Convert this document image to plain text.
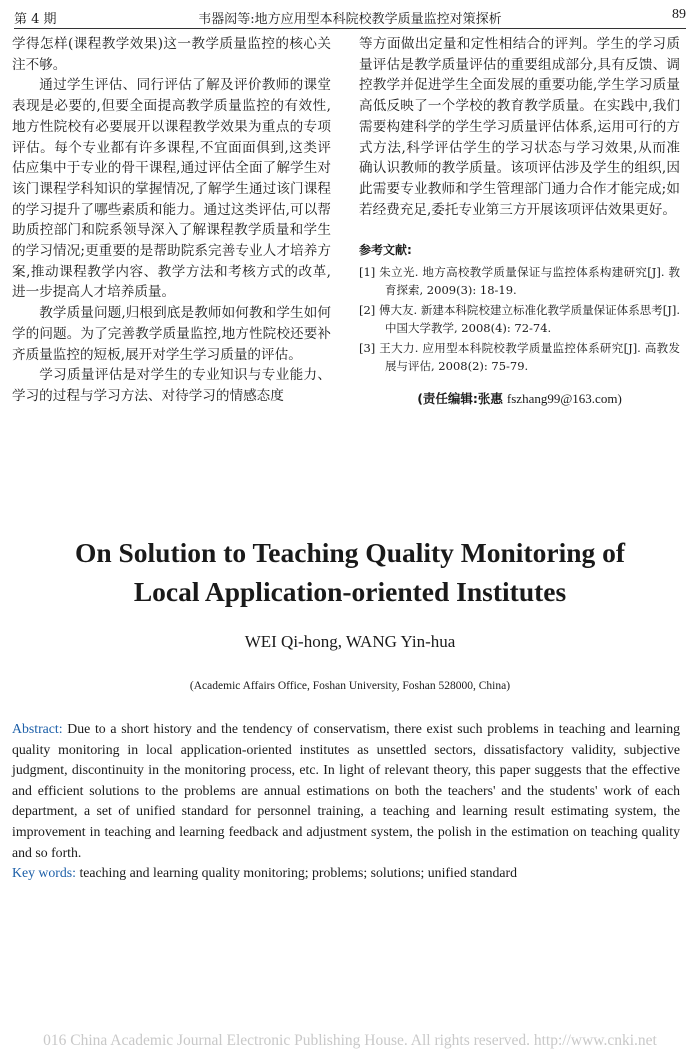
第 4 期	韦器闳等:地方应用型本科院校教学质量监控对策探析	89

学得怎样(课程教学效果)这一教学质量监控的核心关注不够。

通过学生评估、同行评估了解及评价教师的课堂表现是必要的,但要全面提高教学质量监控的有效性,地方性院校有必要展开以课程教学效果为重点的专项评估。每个专业都有许多课程,不宜面面俱到,这类评估应集中于专业的骨干课程,通过评估全面了解学生对该门课程学科知识的掌握情况,了解学生通过该门课程的学习提升了哪些素质和能力。通过这类评估,可以帮助质控部门和院系领导深入了解课程教学质量和学生的学习情况;更重要的是帮助院系完善专业人才培养方案,推动课程教学内容、教学方法和考核方式的改革,进一步提高人才培养质量。

教学质量问题,归根到底是教师如何教和学生如何学的问题。为了完善教学质量监控,地方性院校还要补齐质量监控的短板,展开对学生学习质量的评估。

学习质量评估是对学生的专业知识与专业能力、学习的过程与学习方法、对待学习的情感态度

等方面做出定量和定性相结合的评判。学生的学习质量评估是教学质量评估的重要组成部分,具有反馈、调控教学并促进学生全面发展的重要功能,学生学习质量高低反映了一个学校的教育教学质量。在实践中,我们需要构建科学的学生学习质量评估体系,运用可行的方式方法,科学评估学生的学习状态与学习效果,从而准确认识教师的教学质量。该项评估涉及学生的组织,因此需要专业教师和学生管理部门通力合作才能完成;如若经费充足,委托专业第三方开展该项评估效果更好。

参考文献:

[1] 朱立光. 地方高校教学质量保证与监控体系构建研究[J]. 教育探索, 2009(3): 18-19.

[2] 傅大友. 新建本科院校建立标准化教学质量保证体系思考[J]. 中国大学教学, 2008(4): 72-74.

[3] 王大力. 应用型本科院校教学质量监控体系研究[J]. 高教发展与评估, 2008(2): 75-79.

(责任编辑:张惠 fszhang99@163.com)

On Solution to Teaching Quality Monitoring of
Local Application-oriented Institutes
WEI Qi-hong, WANG Yin-hua
(Academic Affairs Office, Foshan University, Foshan 528000, China)

Abstract: Due to a short history and the tendency of conservatism, there exist such problems in teaching and learning quality monitoring in local application-oriented institutes as unsettled sectors, dissatisfactory validity, subjective judgment, discontinuity in the monitoring process, etc. In light of relevant theory, this paper suggests that the effective and efficient solutions to the problems are annual estimations on both the teachers' and the students' work of each department, a set of unified standard for personnel training, a teaching and learning result estimating system, the improvement in teaching and learning feedback and adjustment system, the polish in the estimation on teaching quality and so forth.

Key words: teaching and learning quality monitoring; problems; solutions; unified standard

016 China Academic Journal Electronic Publishing House. All rights reserved. http://www.cnki.net
